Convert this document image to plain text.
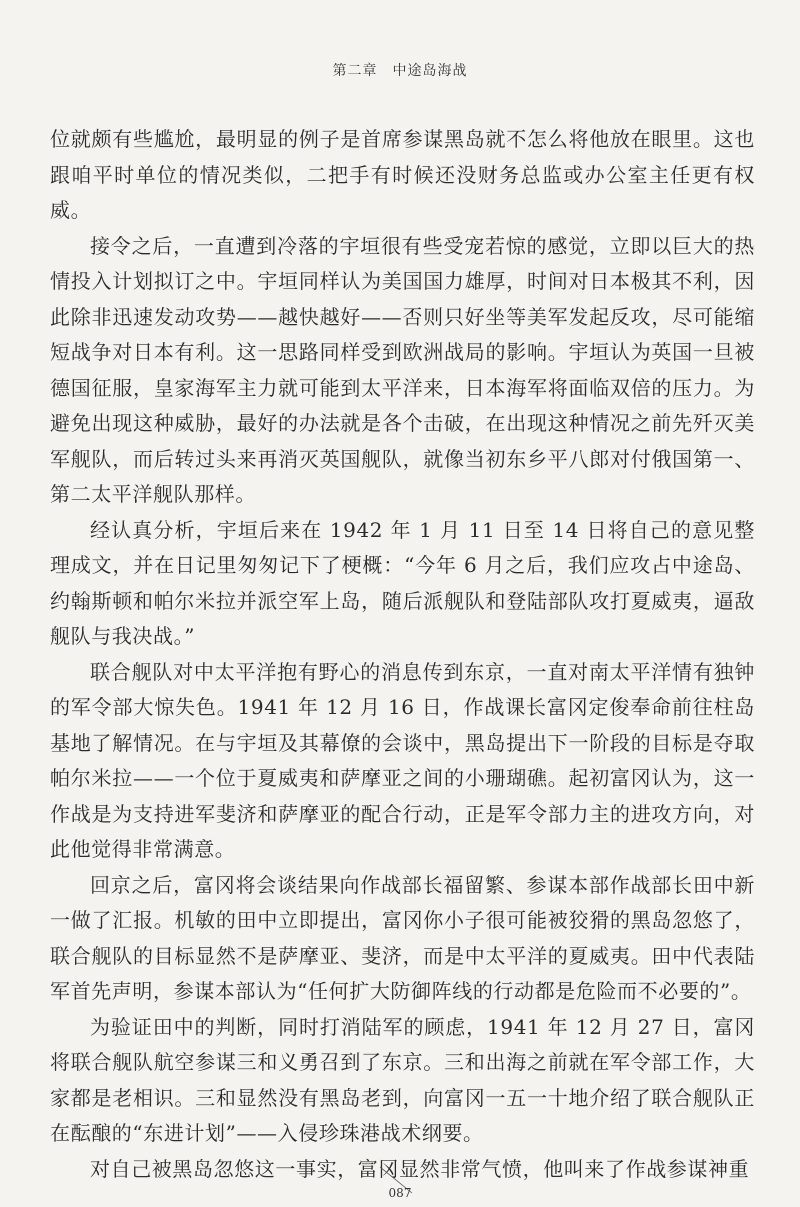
第二章　中途岛海战

位就颇有些尴尬，最明显的例子是首席参谋黑岛就不怎么将他放在眼里。这也跟咱平时单位的情况类似，二把手有时候还没财务总监或办公室主任更有权威。

接令之后，一直遭到冷落的宇垣很有些受宠若惊的感觉，立即以巨大的热情投入计划拟订之中。宇垣同样认为美国国力雄厚，时间对日本极其不利，因此除非迅速发动攻势——越快越好——否则只好坐等美军发起反攻，尽可能缩短战争对日本有利。这一思路同样受到欧洲战局的影响。宇垣认为英国一旦被德国征服，皇家海军主力就可能到太平洋来，日本海军将面临双倍的压力。为避免出现这种威胁，最好的办法就是各个击破，在出现这种情况之前先歼灭美军舰队，而后转过头来再消灭英国舰队，就像当初东乡平八郎对付俄国第一、第二太平洋舰队那样。

经认真分析，宇垣后来在 1942 年 1 月 11 日至 14 日将自己的意见整理成文，并在日记里匆匆记下了梗概：“今年 6 月之后，我们应攻占中途岛、约翰斯顿和帕尔米拉并派空军上岛，随后派舰队和登陆部队攻打夏威夷，逼敌舰队与我决战。”

联合舰队对中太平洋抱有野心的消息传到东京，一直对南太平洋情有独钟的军令部大惊失色。1941 年 12 月 16 日，作战课长富冈定俊奉命前往柱岛基地了解情况。在与宇垣及其幕僚的会谈中，黑岛提出下一阶段的目标是夺取帕尔米拉——一个位于夏威夷和萨摩亚之间的小珊瑚礁。起初富冈认为，这一作战是为支持进军斐济和萨摩亚的配合行动，正是军令部力主的进攻方向，对此他觉得非常满意。

回京之后，富冈将会谈结果向作战部长福留繁、参谋本部作战部长田中新一做了汇报。机敏的田中立即提出，富冈你小子很可能被狡猾的黑岛忽悠了，联合舰队的目标显然不是萨摩亚、斐济，而是中太平洋的夏威夷。田中代表陆军首先声明，参谋本部认为“任何扩大防御阵线的行动都是危险而不必要的”。

为验证田中的判断，同时打消陆军的顾虑，1941 年 12 月 27 日，富冈将联合舰队航空参谋三和义勇召到了东京。三和出海之前就在军令部工作，大家都是老相识。三和显然没有黑岛老到，向富冈一五一十地介绍了联合舰队正在酝酿的“东进计划”——入侵珍珠港战术纲要。

对自己被黑岛忽悠这一事实，富冈显然非常气愤，他叫来了作战参谋神重

087
